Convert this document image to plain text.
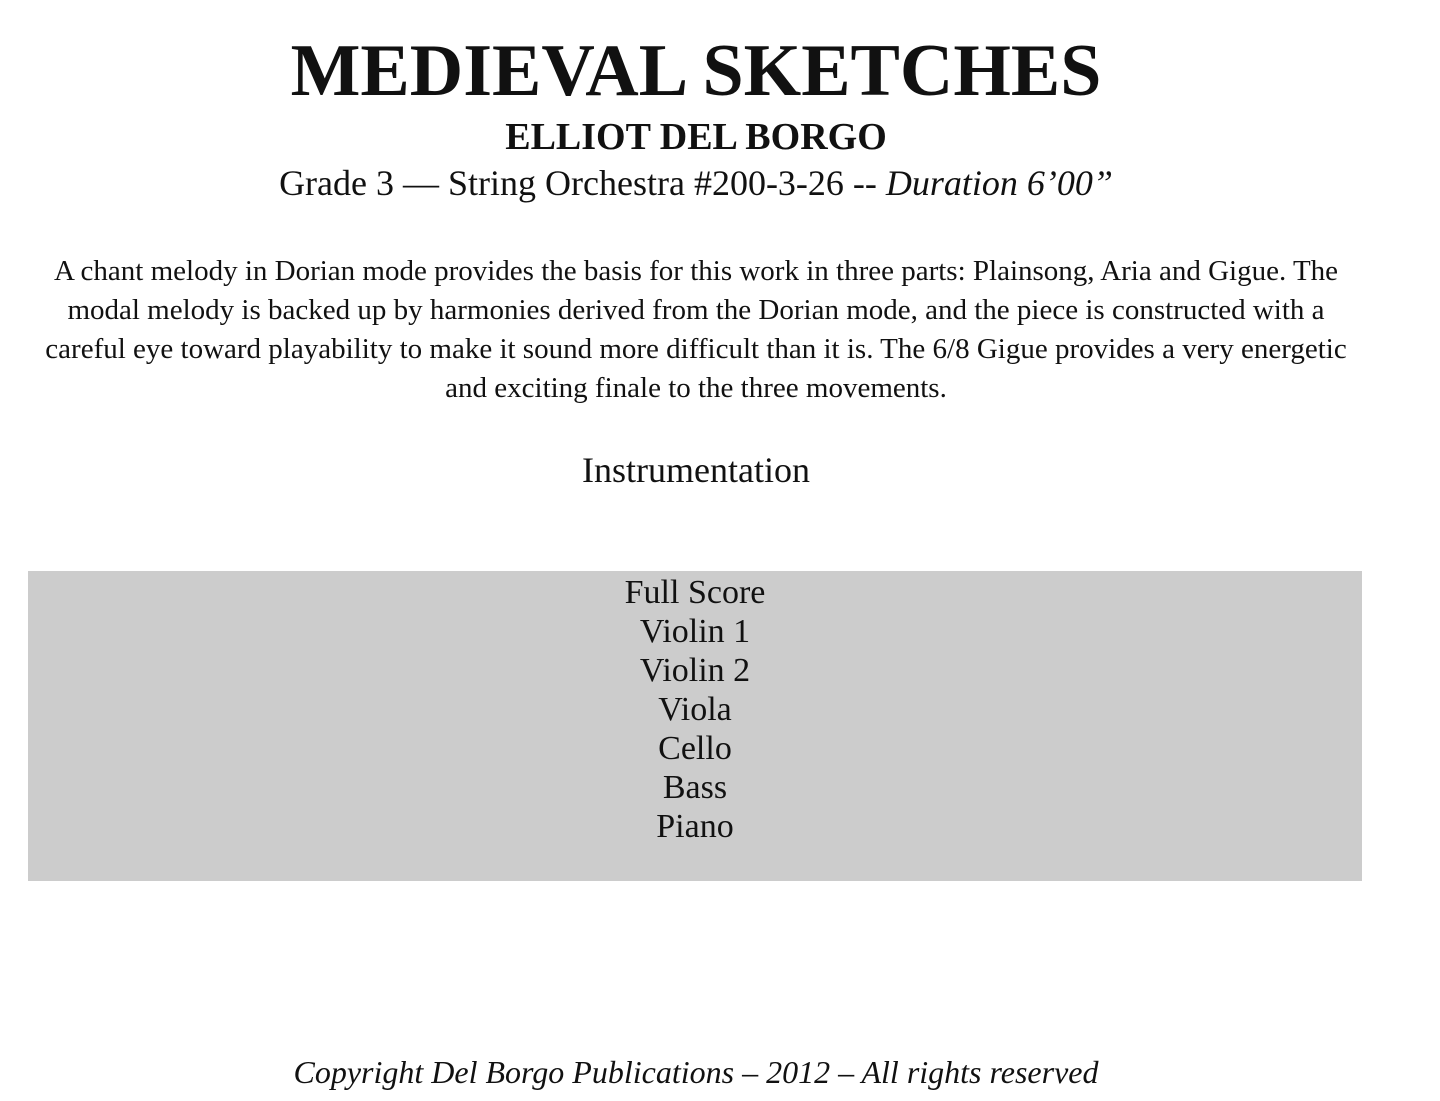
MEDIEVAL SKETCHES
ELLIOT DEL BORGO
Grade 3 — String Orchestra #200-3-26 -- Duration 6’00”
A chant melody in Dorian mode provides the basis for this work in three parts: Plainsong, Aria and Gigue. The modal melody is backed up by harmonies derived from the Dorian mode, and the piece is constructed with a careful eye toward playability to make it sound more difficult than it is. The 6/8 Gigue provides a very energetic and exciting finale to the three movements.
Instrumentation
Full Score
Violin 1
Violin 2
Viola
Cello
Bass
Piano
Copyright Del Borgo Publications – 2012 – All rights reserved
